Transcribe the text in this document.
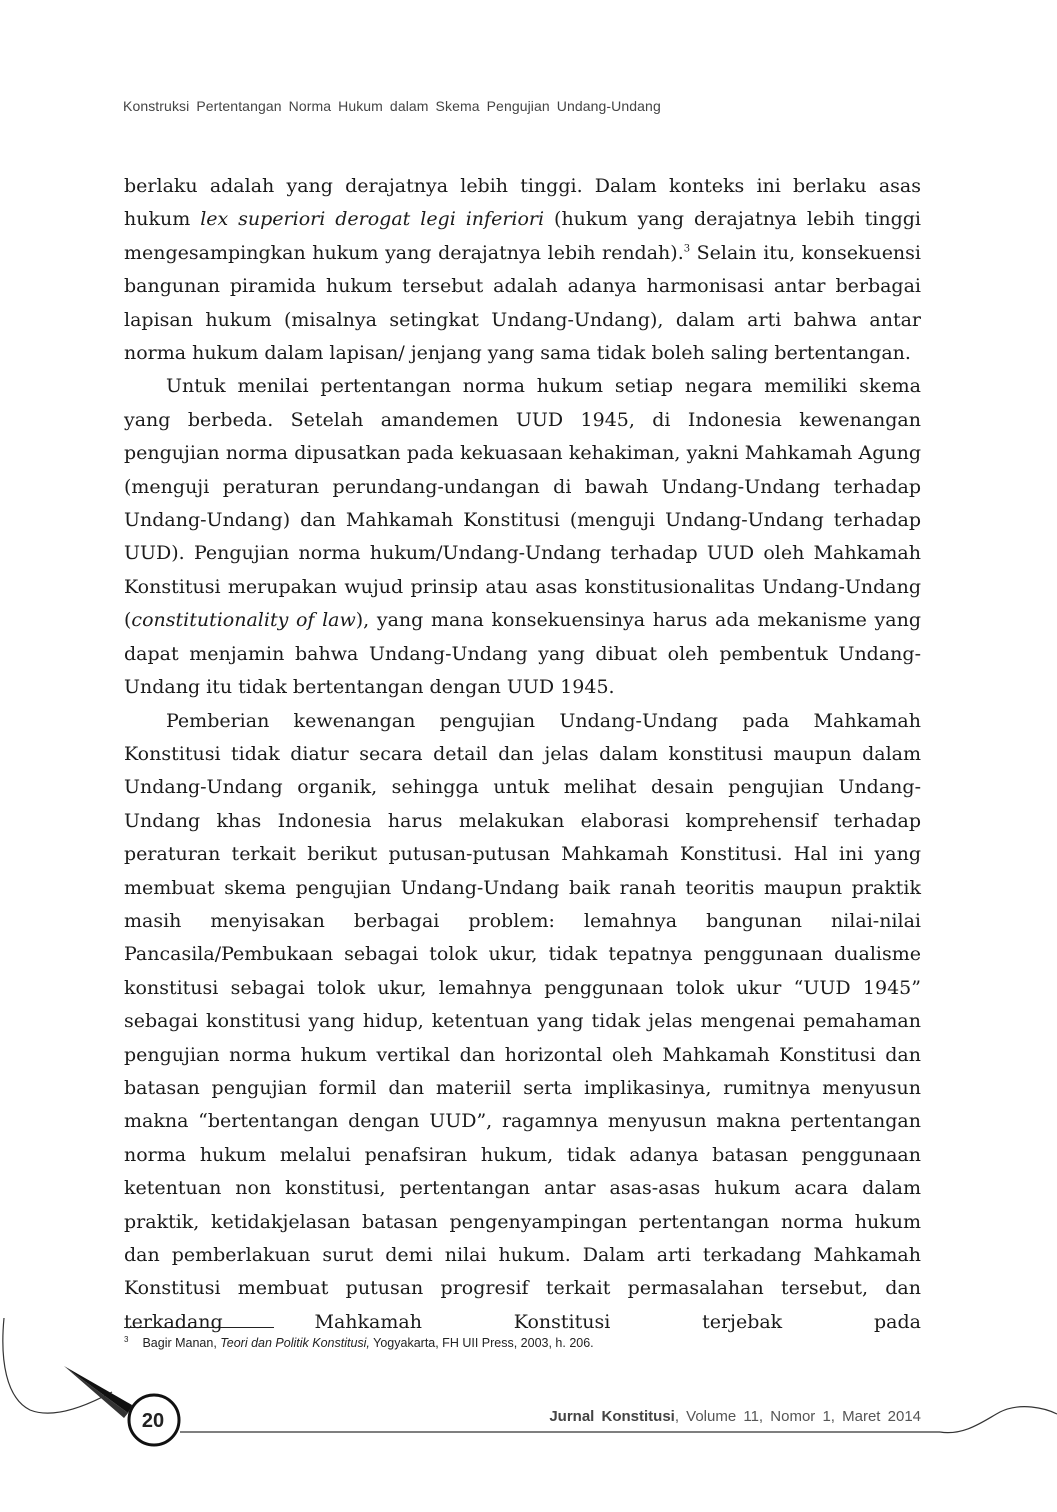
Konstruksi Pertentangan Norma Hukum dalam Skema Pengujian Undang-Undang

berlaku adalah yang derajatnya lebih tinggi. Dalam konteks ini berlaku asas hukum lex superiori derogat legi inferiori (hukum yang derajatnya lebih tinggi mengesampingkan hukum yang derajatnya lebih rendah).$^3$ Selain itu, konsekuensi bangunan piramida hukum tersebut adalah adanya harmonisasi antar berbagai lapisan hukum (misalnya setingkat Undang-Undang), dalam arti bahwa antar norma hukum dalam lapisan/ jenjang yang sama tidak boleh saling bertentangan.

Untuk menilai pertentangan norma hukum setiap negara memiliki skema yang berbeda. Setelah amandemen UUD 1945, di Indonesia kewenangan pengujian norma dipusatkan pada kekuasaan kehakiman, yakni Mahkamah Agung (menguji peraturan perundang-undangan di bawah Undang-Undang terhadap Undang-Undang) dan Mahkamah Konstitusi (menguji Undang-Undang terhadap UUD). Pengujian norma hukum/Undang-Undang terhadap UUD oleh Mahkamah Konstitusi merupakan wujud prinsip atau asas konstitusionalitas Undang-Undang (constitutionality of law), yang mana konsekuensinya harus ada mekanisme yang dapat menjamin bahwa Undang-Undang yang dibuat oleh pembentuk Undang-Undang itu tidak bertentangan dengan UUD 1945.

Pemberian kewenangan pengujian Undang-Undang pada Mahkamah Konstitusi tidak diatur secara detail dan jelas dalam konstitusi maupun dalam Undang-Undang organik, sehingga untuk melihat desain pengujian Undang-Undang khas Indonesia harus melakukan elaborasi komprehensif terhadap peraturan terkait berikut putusan-putusan Mahkamah Konstitusi. Hal ini yang membuat skema pengujian Undang-Undang baik ranah teoritis maupun praktik masih menyisakan berbagai problem: lemahnya bangunan nilai-nilai Pancasila/Pembukaan sebagai tolok ukur, tidak tepatnya penggunaan dualisme konstitusi sebagai tolok ukur, lemahnya penggunaan tolok ukur “UUD 1945” sebagai konstitusi yang hidup, ketentuan yang tidak jelas mengenai pemahaman pengujian norma hukum vertikal dan horizontal oleh Mahkamah Konstitusi dan batasan pengujian formil dan materiil serta implikasinya, rumitnya menyusun makna “bertentangan dengan UUD”, ragamnya menyusun makna pertentangan norma hukum melalui penafsiran hukum, tidak adanya batasan penggunaan ketentuan non konstitusi, pertentangan antar asas-asas hukum acara dalam praktik, ketidakjelasan batasan pengenyampingan pertentangan norma hukum dan pemberlakuan surut demi nilai hukum. Dalam arti terkadang Mahkamah Konstitusi membuat putusan progresif terkait permasalahan tersebut, dan terkadang Mahkamah Konstitusi terjebak pada

$^3$ Bagir Manan, Teori dan Politik Konstitusi, Yogyakarta, FH UII Press, 2003, h. 206.
20	Jurnal Konstitusi, Volume 11, Nomor 1, Maret 2014
